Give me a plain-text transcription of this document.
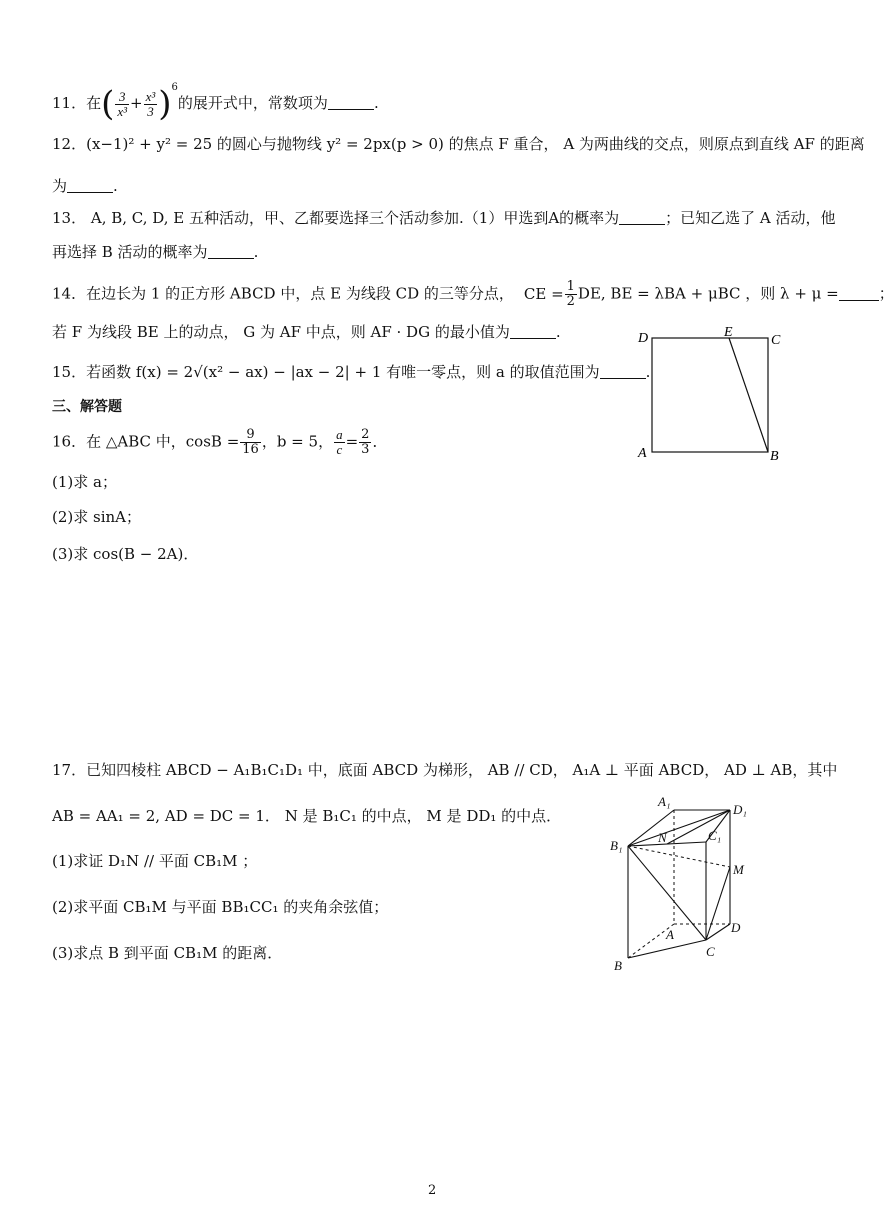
11．在( $\frac{3}{\text{x³}} + \frac{\text{x³}}{3} )^6$的展开式中，常数项为	.
12．(x−1)² + y² = 25 的圆心与抛物线 y² = 2px(p > 0) 的焦点 F 重合， A 为两曲线的交点，则原点到直线 AF 的距离
为	.
13． A, B, C, D, E 五种活动，甲、乙都要选择三个活动参加.（1）甲选到A的概率为	；已知乙选了 A 活动，他
再选择 B 活动的概率为	.
14．在边长为 1 的正方形 ABCD 中，点 E 为线段 CD 的三等分点， CE = $\frac{1}{2}$ DE, BE = λBA + μBC ，则 λ + μ =	；
若 F 为线段 BE 上的动点， G 为 AF 中点，则 AF · DG 的最小值为	.
15．若函数 f(x) = 2√(x² − ax) − |ax − 2| + 1 有唯一零点，则 a 的取值范围为	.
三、解答题
16．在 △ABC 中，$\cos B = \frac{9}{16}$ ，b = 5， $\frac{a}{c} = \frac{2}{3}$ ．
(1)求 a；
(2)求 sinA；
(3)求 cos(B − 2A)．
17．已知四棱柱 ABCD − A₁B₁C₁D₁ 中，底面 ABCD 为梯形， AB // CD， A₁A ⊥ 平面 ABCD， AD ⊥ AB，其中
AB = AA₁ = 2, AD = DC = 1． N 是 B₁C₁ 的中点， M 是 DD₁ 的中点．
(1)求证 D₁N // 平面 CB₁M ；
(2)求平面 CB₁M 与平面 BB₁CC₁ 的夹角余弦值；
(3)求点 B 到平面 CB₁M 的距离．
D	E
C
A	B
A₁
D₁
N	C₁
B₁
M
A	D
B
C
2
